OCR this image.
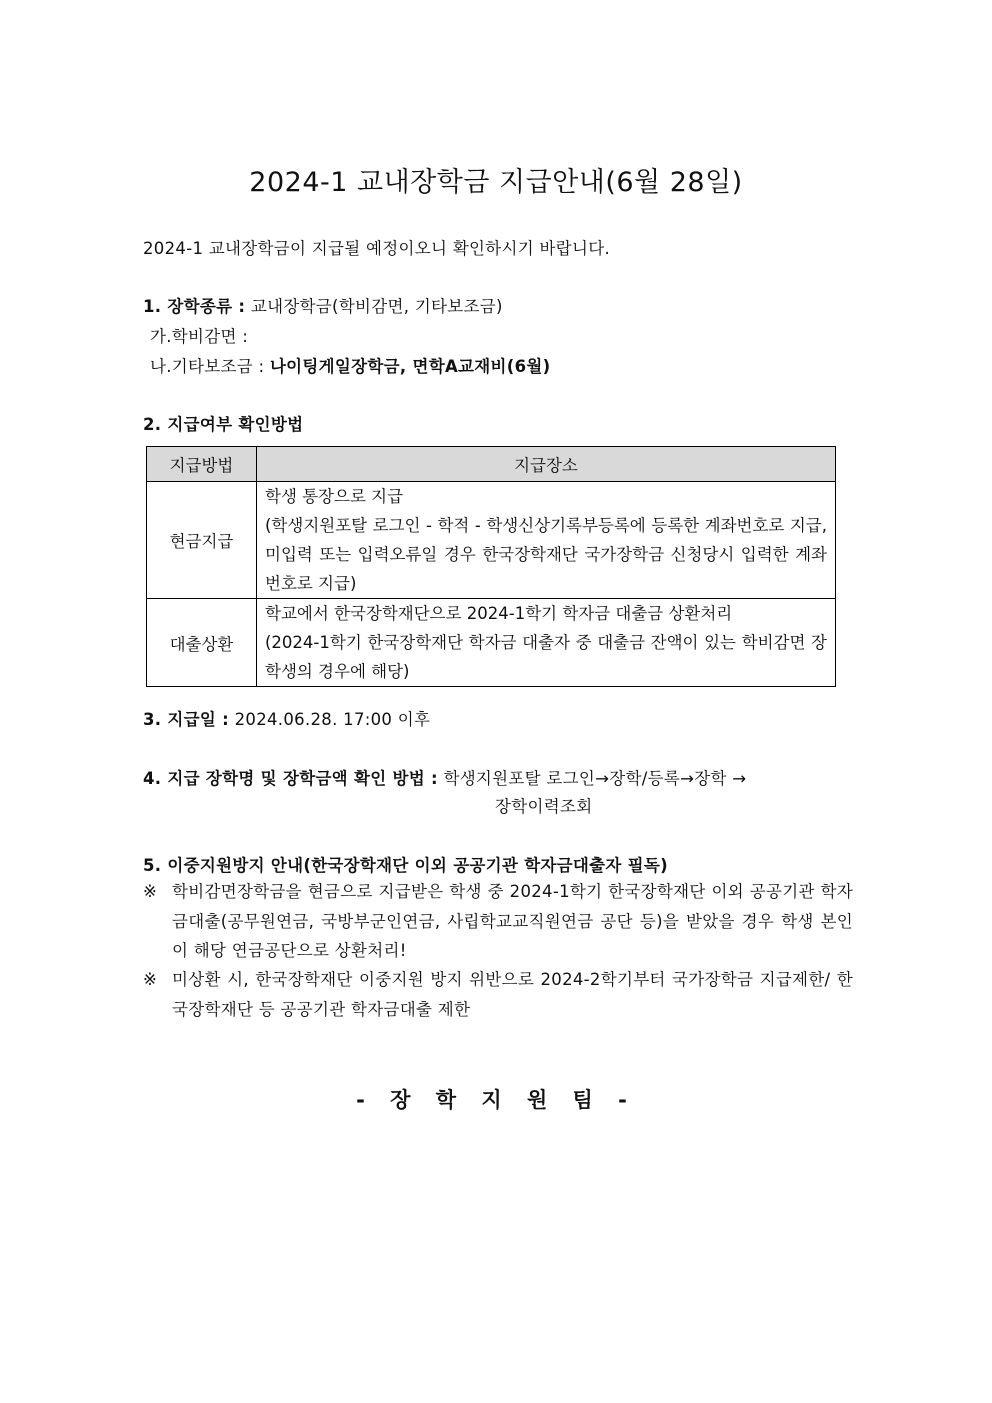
2024-1 교내장학금 지급안내(6월 28일)
2024-1 교내장학금이 지급될 예정이오니 확인하시기 바랍니다.
1. 장학종류 : 교내장학금(학비감면, 기타보조금)
가.학비감면 :
나.기타보조금 : 나이팅게일장학금, 면학A교재비(6월)
2. 지급여부 확인방법
지급방법	지급장소
현금지급	학생 통장으로 지급

(학생지원포탈 로그인 - 학적 - 학생신상기록부등록에 등록한 계좌번호로 지급, 미입력 또는 입력오류일 경우 한국장학재단 국가장학금 신청당시 입력한 계좌번호로 지급)

대출상환	학교에서 한국장학재단으로 2024-1학기 학자금 대출금 상환처리

(2024-1학기 한국장학재단 학자금 대출자 중 대출금 잔액이 있는 학비감면 장학생의 경우에 해당)

3. 지급일 : 2024.06.28. 17:00 이후
4. 지급 장학명 및 장학금액 확인 방법 : 학생지원포탈 로그인→장학/등록→장학 →
장학이력조회
5. 이중지원방지 안내(한국장학재단 이외 공공기관 학자금대출자 필독)
※ 학비감면장학금을 현금으로 지급받은 학생 중 2024-1학기 한국장학재단 이외 공공기관 학자금대출(공무원연금, 국방부군인연금, 사립학교교직원연금 공단 등)을 받았을 경우 학생 본인이 해당 연금공단으로 상환처리!
※ 미상환 시, 한국장학재단 이중지원 방지 위반으로 2024-2학기부터 국가장학금 지급제한/ 한국장학재단 등 공공기관 학자금대출 제한
- 장 학 지 원 팀 -
